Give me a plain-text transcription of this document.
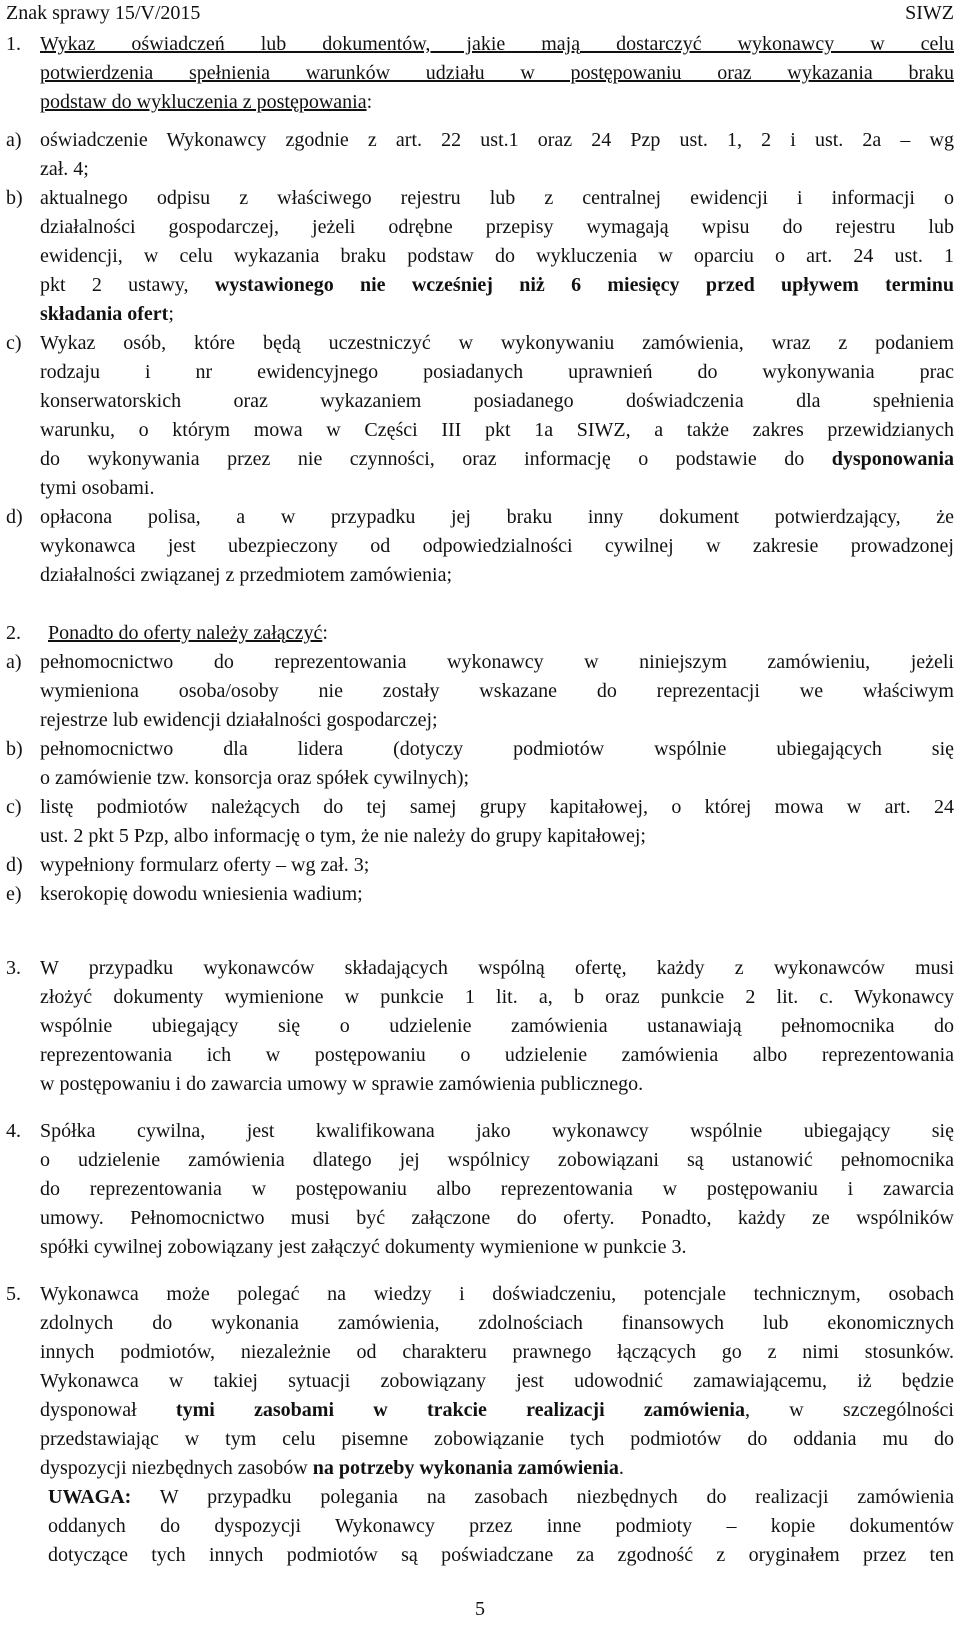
Znak sprawy 15/V/2015	SIWZ
1. Wykaz oświadczeń lub dokumentów, jakie mają dostarczyć wykonawcy w celu
potwierdzenia spełnienia warunków udziału w postępowaniu oraz wykazania braku
podstaw do wykluczenia z postępowania:
a) oświadczenie Wykonawcy zgodnie z art. 22 ust.1 oraz 24 Pzp ust. 1, 2 i ust. 2a – wg
zał. 4;
b) aktualnego odpisu z właściwego rejestru lub z centralnej ewidencji i informacji o
działalności gospodarczej, jeżeli odrębne przepisy wymagają wpisu do rejestru lub
ewidencji, w celu wykazania braku podstaw do wykluczenia w oparciu o art. 24 ust. 1
pkt 2 ustawy, wystawionego nie wcześniej niż 6 miesięcy przed upływem terminu
składania ofert;
c) Wykaz osób, które będą uczestniczyć w wykonywaniu zamówienia, wraz z podaniem
rodzaju i nr ewidencyjnego posiadanych uprawnień do wykonywania prac
konserwatorskich oraz wykazaniem posiadanego doświadczenia dla spełnienia
warunku, o którym mowa w Części III pkt 1a SIWZ, a także zakres przewidzianych
do wykonywania przez nie czynności, oraz informację o podstawie do dysponowania
tymi osobami.
d) opłacona polisa, a w przypadku jej braku inny dokument potwierdzający, że
wykonawca jest ubezpieczony od odpowiedzialności cywilnej w zakresie prowadzonej
działalności związanej z przedmiotem zamówienia;
2. Ponadto do oferty należy załączyć:
a) pełnomocnictwo do reprezentowania wykonawcy w niniejszym zamówieniu, jeżeli
wymieniona osoba/osoby nie zostały wskazane do reprezentacji we właściwym
rejestrze lub ewidencji działalności gospodarczej;
b) pełnomocnictwo dla lidera (dotyczy podmiotów wspólnie ubiegających się
o zamówienie tzw. konsorcja oraz spółek cywilnych);
c) listę podmiotów należących do tej samej grupy kapitałowej, o której mowa w art. 24
ust. 2 pkt 5 Pzp, albo informację o tym, że nie należy do grupy kapitałowej;
d) wypełniony formularz oferty – wg zał. 3;
e) kserokopię dowodu wniesienia wadium;
3. W przypadku wykonawców składających wspólną ofertę, każdy z wykonawców musi
złożyć dokumenty wymienione w punkcie 1 lit. a, b oraz punkcie 2 lit. c. Wykonawcy
wspólnie ubiegający się o udzielenie zamówienia ustanawiają pełnomocnika do
reprezentowania ich w postępowaniu o udzielenie zamówienia albo reprezentowania
w postępowaniu i do zawarcia umowy w sprawie zamówienia publicznego.
4. Spółka cywilna, jest kwalifikowana jako wykonawcy wspólnie ubiegający się
o udzielenie zamówienia dlatego jej wspólnicy zobowiązani są ustanowić pełnomocnika
do reprezentowania w postępowaniu albo reprezentowania w postępowaniu i zawarcia
umowy. Pełnomocnictwo musi być załączone do oferty. Ponadto, każdy ze wspólników
spółki cywilnej zobowiązany jest załączyć dokumenty wymienione w punkcie 3.
5. Wykonawca może polegać na wiedzy i doświadczeniu, potencjale technicznym, osobach
zdolnych do wykonania zamówienia, zdolnościach finansowych lub ekonomicznych
innych podmiotów, niezależnie od charakteru prawnego łączących go z nimi stosunków.
Wykonawca w takiej sytuacji zobowiązany jest udowodnić zamawiającemu, iż będzie
dysponował tymi zasobami w trakcie realizacji zamówienia, w szczególności
przedstawiając w tym celu pisemne zobowiązanie tych podmiotów do oddania mu do
dyspozycji niezbędnych zasobów na potrzeby wykonania zamówienia.
UWAGA: W przypadku polegania na zasobach niezbędnych do realizacji zamówienia
oddanych do dyspozycji Wykonawcy przez inne podmioty – kopie dokumentów
dotyczące tych innych podmiotów są poświadczane za zgodność z oryginałem przez ten
5
